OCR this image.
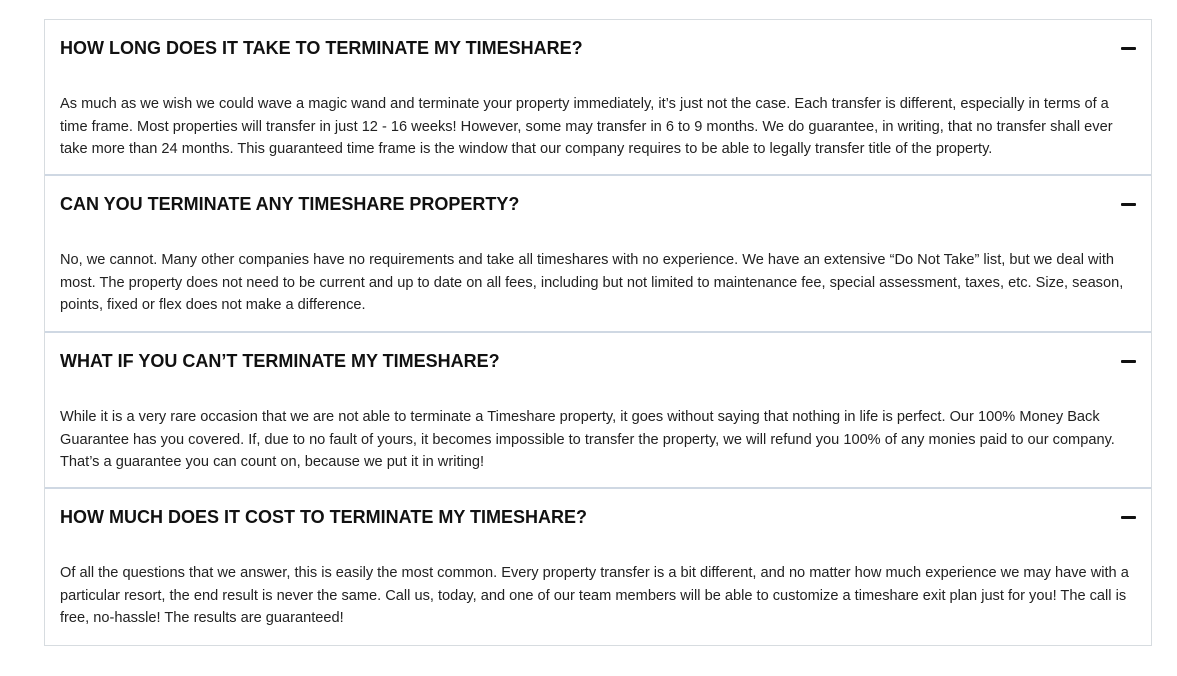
HOW LONG DOES IT TAKE TO TERMINATE MY TIMESHARE?
As much as we wish we could wave a magic wand and terminate your property immediately, it’s just not the case. Each transfer is different, especially in terms of a time frame. Most properties will transfer in just 12 - 16 weeks! However, some may transfer in 6 to 9 months. We do guarantee, in writing, that no transfer shall ever take more than 24 months. This guaranteed time frame is the window that our company requires to be able to legally transfer title of the property.
CAN YOU TERMINATE ANY TIMESHARE PROPERTY?
No, we cannot. Many other companies have no requirements and take all timeshares with no experience. We have an extensive “Do Not Take” list, but we deal with most. The property does not need to be current and up to date on all fees, including but not limited to maintenance fee, special assessment, taxes, etc. Size, season, points, fixed or flex does not make a difference.
WHAT IF YOU CAN’T TERMINATE MY TIMESHARE?
While it is a very rare occasion that we are not able to terminate a Timeshare property, it goes without saying that nothing in life is perfect. Our 100% Money Back Guarantee has you covered. If, due to no fault of yours, it becomes impossible to transfer the property, we will refund you 100% of any monies paid to our company. That’s a guarantee you can count on, because we put it in writing!
HOW MUCH DOES IT COST TO TERMINATE MY TIMESHARE?
Of all the questions that we answer, this is easily the most common. Every property transfer is a bit different, and no matter how much experience we may have with a particular resort, the end result is never the same. Call us, today, and one of our team members will be able to customize a timeshare exit plan just for you! The call is free, no-hassle! The results are guaranteed!
